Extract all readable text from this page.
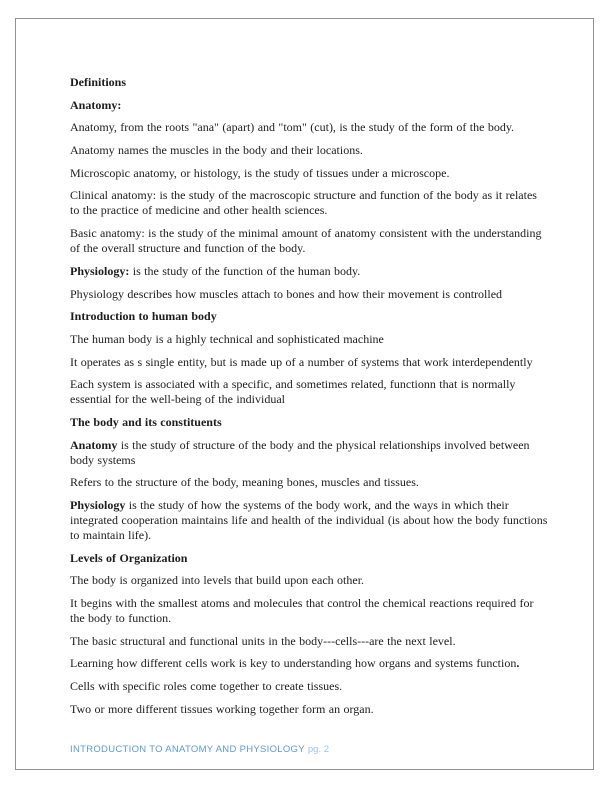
Definitions

Anatomy:

Anatomy, from the roots "ana" (apart) and "tom" (cut), is the study of the form of the body.

Anatomy names the muscles in the body and their locations.

Microscopic anatomy, or histology, is the study of tissues under a microscope.

Clinical anatomy: is the study of the macroscopic structure and function of the body as it relates to the practice of medicine and other health sciences.

Basic anatomy: is the study of the minimal amount of anatomy consistent with the understanding of the overall structure and function of the body.

Physiology: is the study of the function of the human body.

Physiology describes how muscles attach to bones and how their movement is controlled

Introduction to human body

The human body is a highly technical and sophisticated machine

It operates as s single entity, but is made up of a number of systems that work interdependently

Each system is associated with a specific, and sometimes related, functionn that is normally essential for the well-being of the individual

The body and its constituents

Anatomy is the study of structure of the body and the physical relationships involved between body systems

Refers to the structure of the body, meaning bones, muscles and tissues.

Physiology is the study of how the systems of the body work, and the ways in which their integrated cooperation maintains life and health of the individual (is about how the body functions to maintain life).

Levels of Organization

The body is organized into levels that build upon each other.

It begins with the smallest atoms and molecules that control the chemical reactions required for the body to function.

The basic structural and functional units in the body---cells---are the next level.

Learning how different cells work is key to understanding how organs and systems function.

Cells with specific roles come together to create tissues.

Two or more different tissues working together form an organ.

INTRODUCTION TO ANATOMY AND PHYSIOLOGY pg. 2
